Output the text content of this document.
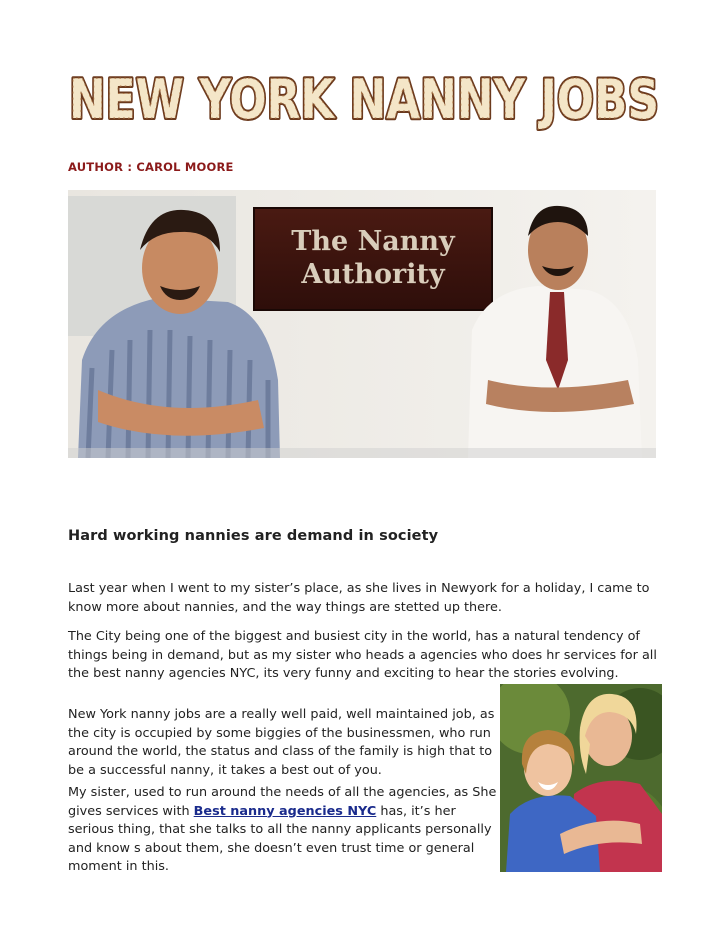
NEW YORK NANNY JOBS
NEW YORK NANNY JOBS
AUTHOR : CAROL MOORE
The Nanny
Authority
Hard working nannies are demand in society

Last year when I went to my sister’s place, as she lives in Newyork for a holiday, I came to know more about nannies, and the way things are stetted up there.

The City being one of the biggest and busiest city in the world, has a natural tendency of things being in demand, but as my sister who heads a agencies who does hr services for all the best nanny agencies NYC, its very funny and exciting to hear the stories evolving.

New York nanny jobs are a really well paid, well maintained job, as the city is occupied by some biggies of the businessmen, who run around the world, the status and class of the family is high that to be a successful nanny, it takes a best out of you.

My sister, used to run around the needs of all the agencies, as She gives services with Best nanny agencies NYC has, it’s her serious thing, that she talks to all the nanny applicants personally and know s about them, she doesn’t even trust time or general moment in this.
